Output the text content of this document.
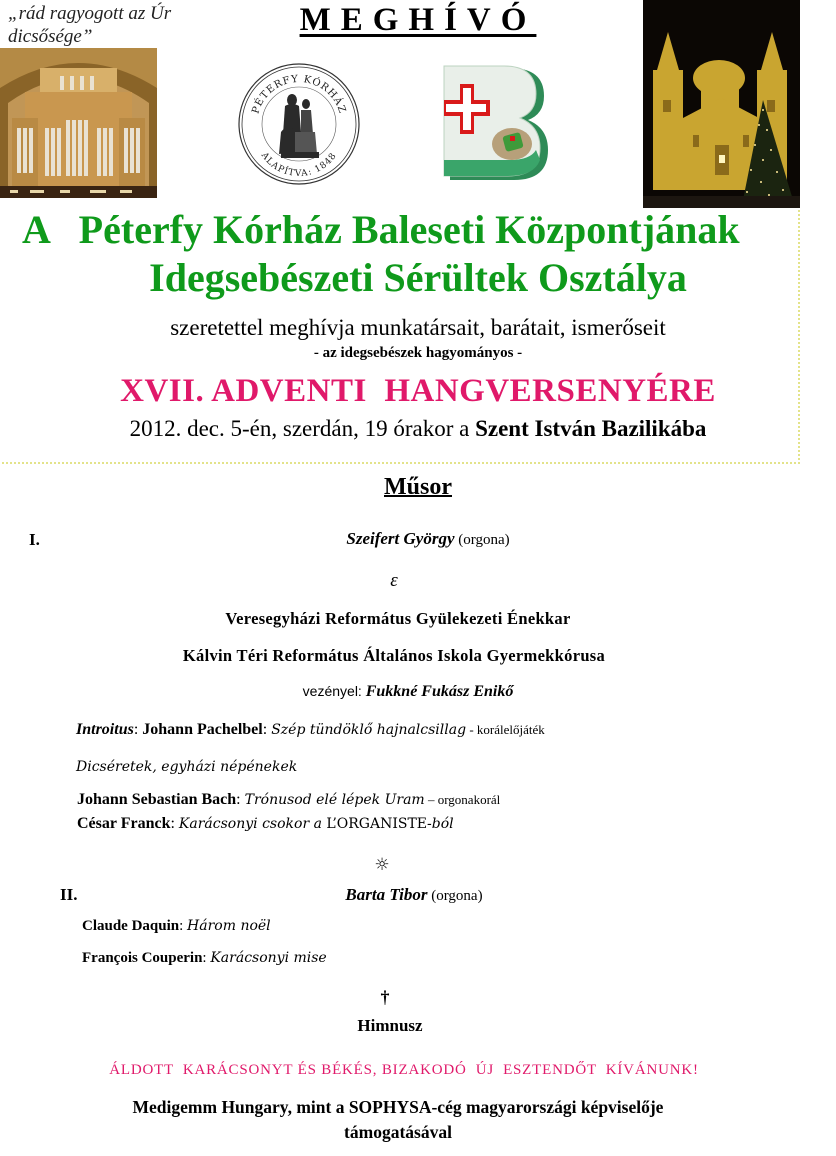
„rád ragyogott az Úr
dicsősége”	MEGHÍVÓ
PÉTERFY KÓRHÁZ
ALAPÍTVA: 1848
A   Péterfy Kórház Baleseti Központjának
Idegsebészeti Sérültek Osztálya
szeretettel meghívja munkatársait, barátait, ismerőseit
- az idegsebészek hagyományos -
XVII. ADVENTI  HANGVERSENYÉRE
2012. dec. 5-én, szerdán, 19 órakor a Szent István Bazilikába
Műsor
I.	Szeifert György (orgona)
ε
Veresegyházi Református Gyülekezeti Énekkar
Kálvin Téri Református Általános Iskola Gyermekkórusa
vezényel: Fukkné Fukász Enikő
Introitus: Johann Pachelbel: Szép tündöklő hajnalcsillag - korálelőjáték
Dicséretek, egyházi népénekek
Johann Sebastian Bach: Trónusod elé lépek Uram – orgonakorál
César Franck: Karácsonyi csokor a L’ORGANISTE-ból
☼
II.	Barta Tibor (orgona)
Claude Daquin: Három noël
François Couperin: Karácsonyi mise
†
Himnusz
ÁLDOTT  KARÁCSONYT ÉS BÉKÉS, BIZAKODÓ  ÚJ  ESZTENDŐT  KÍVÁNUNK!
Medigemm Hungary, mint a SOPHYSA-cég magyarországi képviselője
támogatásával
